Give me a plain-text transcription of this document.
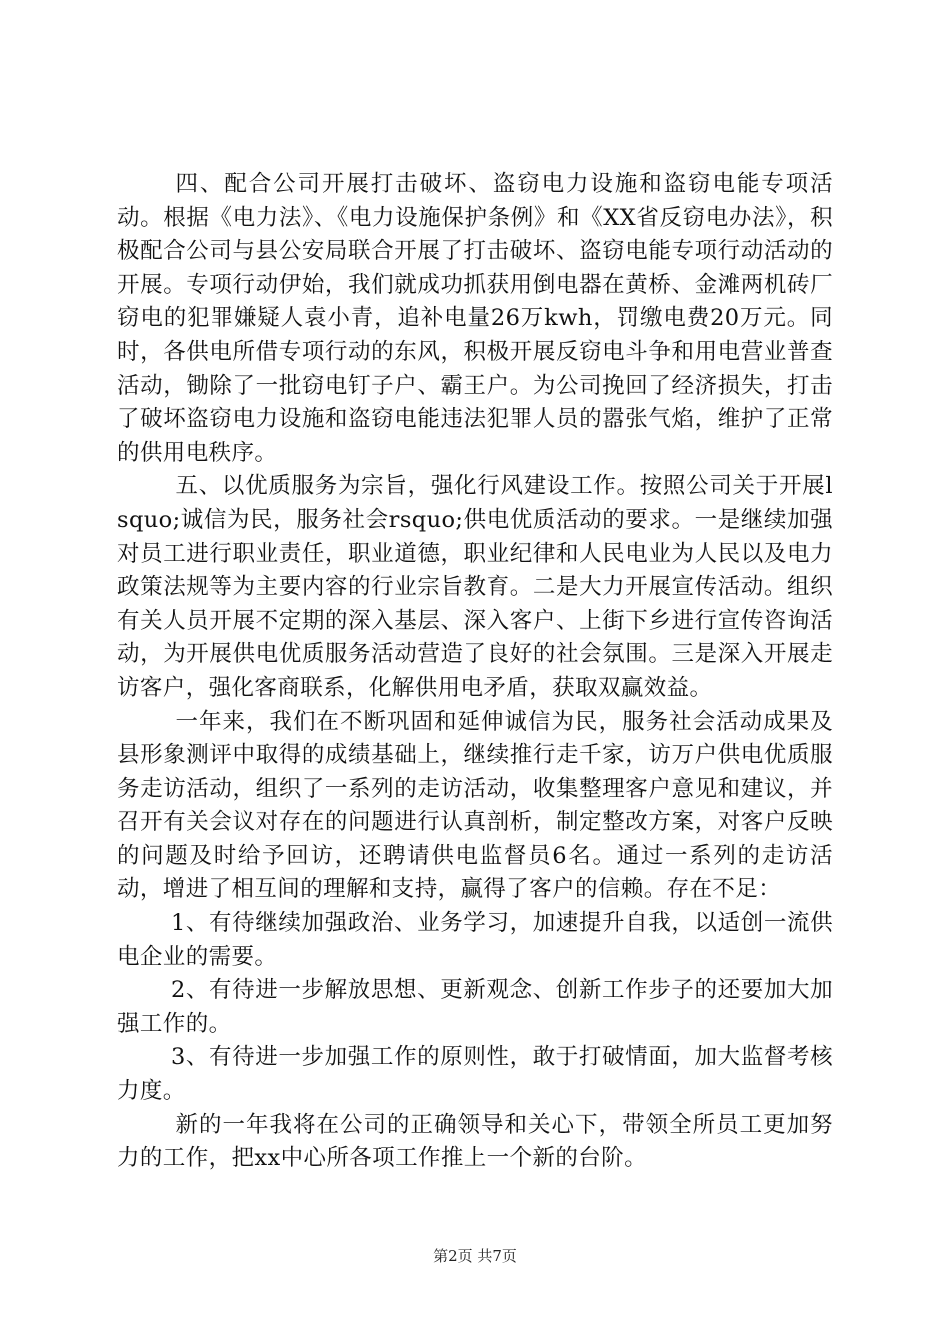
四、配合公司开展打击破坏、盗窃电力设施和盗窃电能专项活动。根据《电力法》、《电力设施保护条例》和《XX省反窃电办法》，积极配合公司与县公安局联合开展了打击破坏、盗窃电能专项行动活动的开展。专项行动伊始，我们就成功抓获用倒电器在黄桥、金滩两机砖厂窃电的犯罪嫌疑人袁小青，追补电量26万kwh，罚缴电费20万元。同时，各供电所借专项行动的东风，积极开展反窃电斗争和用电营业普查活动，锄除了一批窃电钉子户、霸王户。为公司挽回了经济损失，打击了破坏盗窃电力设施和盗窃电能违法犯罪人员的嚣张气焰，维护了正常的供用电秩序。

五、以优质服务为宗旨，强化行风建设工作。按照公司关于开展lsquo;诚信为民，服务社会rsquo;供电优质活动的要求。一是继续加强对员工进行职业责任，职业道德，职业纪律和人民电业为人民以及电力政策法规等为主要内容的行业宗旨教育。二是大力开展宣传活动。组织有关人员开展不定期的深入基层、深入客户、上街下乡进行宣传咨询活动，为开展供电优质服务活动营造了良好的社会氛围。三是深入开展走访客户，强化客商联系，化解供用电矛盾，获取双赢效益。

一年来，我们在不断巩固和延伸诚信为民，服务社会活动成果及县形象测评中取得的成绩基础上，继续推行走千家，访万户供电优质服务走访活动，组织了一系列的走访活动，收集整理客户意见和建议，并召开有关会议对存在的问题进行认真剖析，制定整改方案，对客户反映的问题及时给予回访，还聘请供电监督员6名。通过一系列的走访活动，增进了相互间的理解和支持，赢得了客户的信赖。存在不足：

1、有待继续加强政治、业务学习，加速提升自我，以适创一流供电企业的需要。

2、有待进一步解放思想、更新观念、创新工作步子的还要加大加强工作的。

3、有待进一步加强工作的原则性，敢于打破情面，加大监督考核力度。

新的一年我将在公司的正确领导和关心下，带领全所员工更加努力的工作，把xx中心所各项工作推上一个新的台阶。

第2页 共7页
